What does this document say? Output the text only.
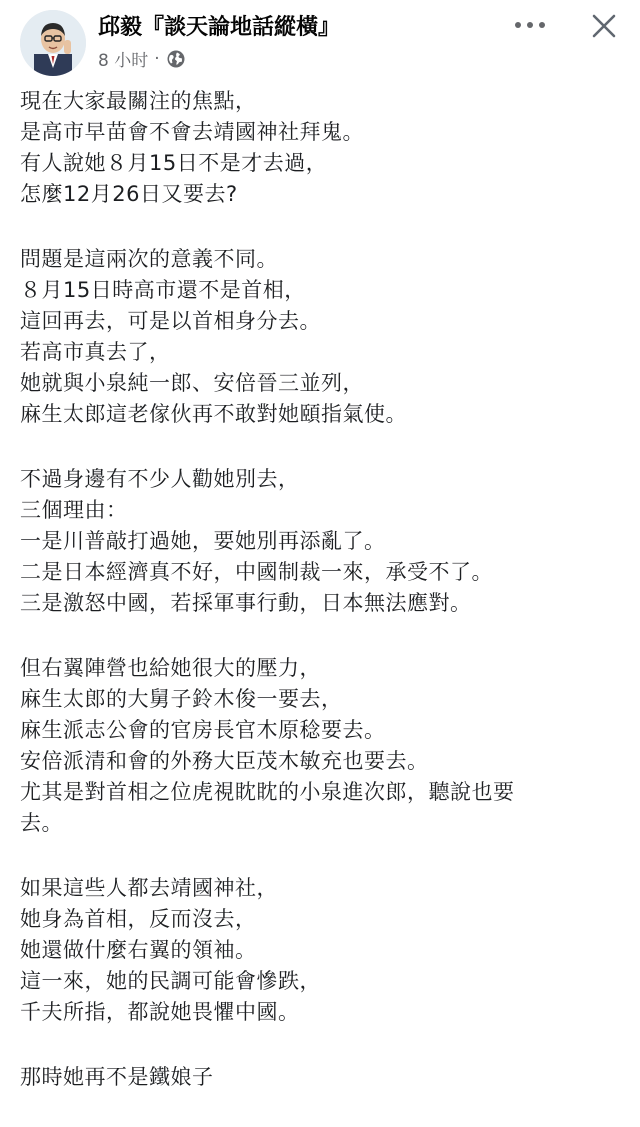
邱毅『談天論地話縱橫』
8 小时 ·
現在大家最關注的焦點，
是高市早苗會不會去靖國神社拜鬼。
有人說她８月15日不是才去過，
怎麼12月26日又要去?
問題是這兩次的意義不同。
８月15日時高市還不是首相，
這回再去，可是以首相身分去。
若高市真去了，
她就與小泉純一郎、安倍晉三並列，
麻生太郎這老傢伙再不敢對她頤指氣使。
不過身邊有不少人勸她別去，
三個理由：
一是川普敲打過她，要她別再添亂了。
二是日本經濟真不好，中國制裁一來，承受不了。
三是激怒中國，若採軍事行動，日本無法應對。
但右翼陣營也給她很大的壓力，
麻生太郎的大舅子鈴木俊一要去，
麻生派志公會的官房長官木原稔要去。
安倍派清和會的外務大臣茂木敏充也要去。
尤其是對首相之位虎視眈眈的小泉進次郎，聽說也要
去。
如果這些人都去靖國神社，
她身為首相，反而沒去，
她還做什麼右翼的領袖。
這一來，她的民調可能會慘跌，
千夫所指，都說她畏懼中國。
那時她再不是鐵娘子
